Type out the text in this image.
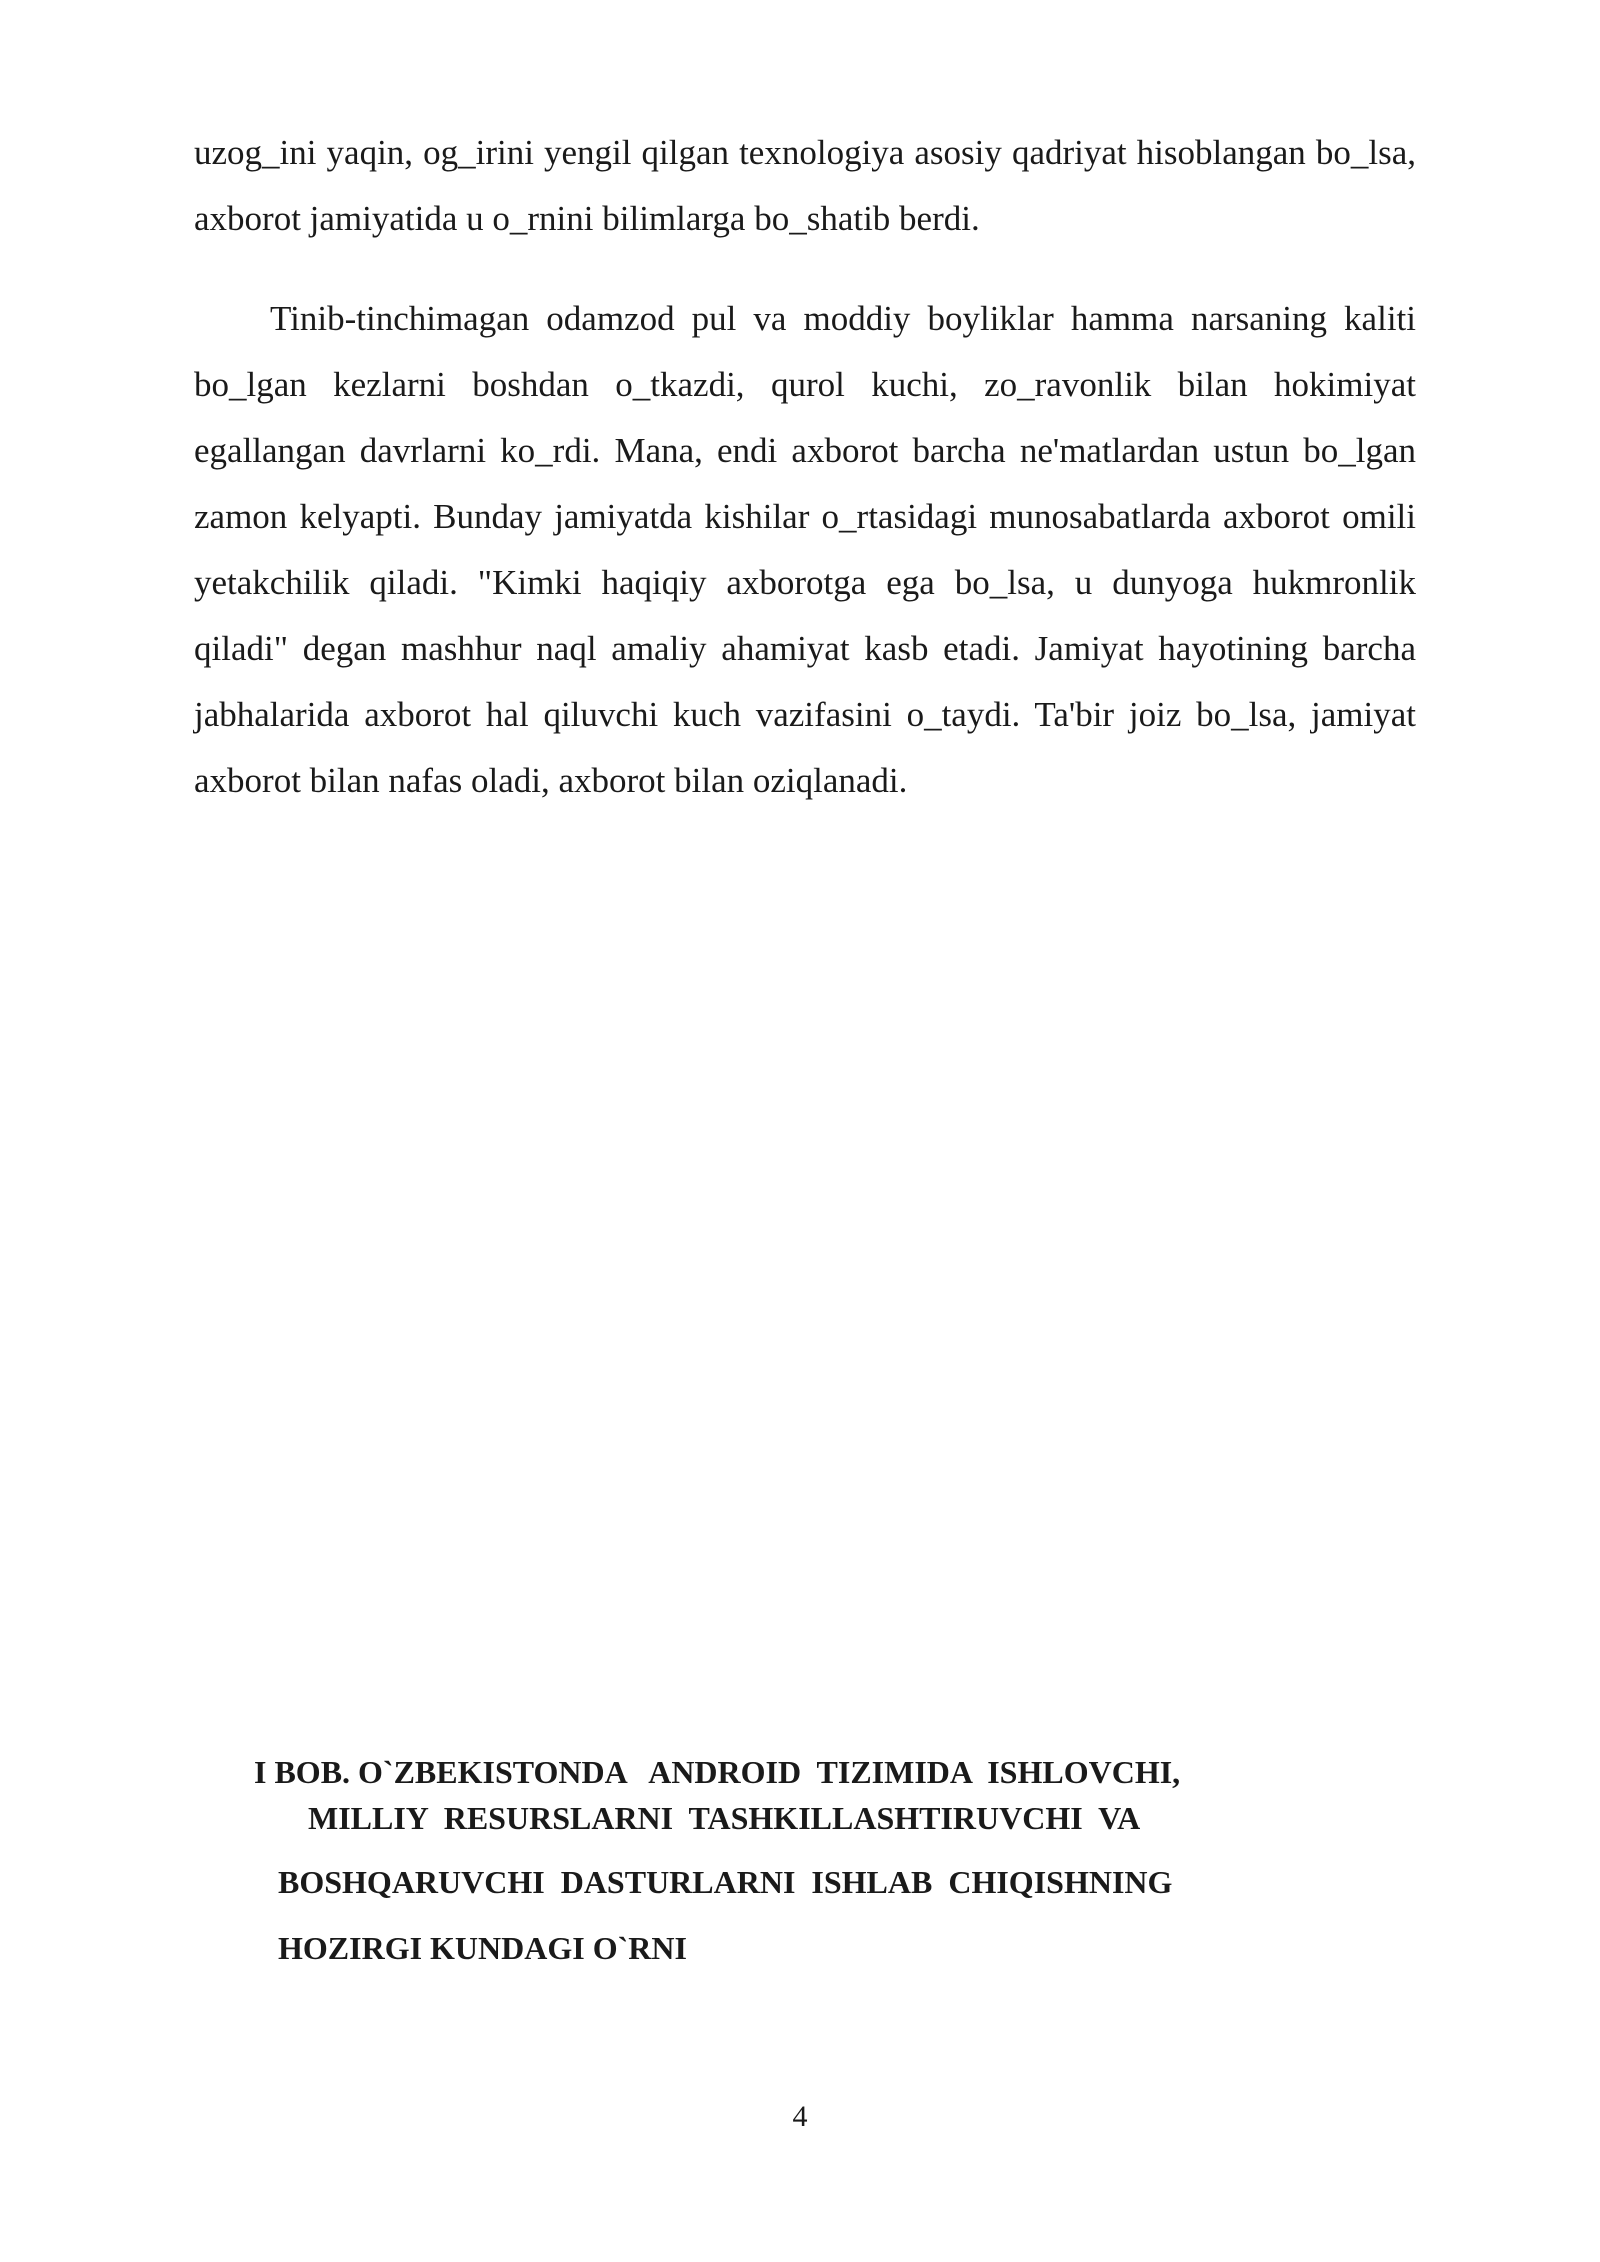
uzog_ini yaqin, og_irini yengil qilgan texnologiya asosiy qadriyat hisoblangan bo_lsa, axborot jamiyatida u o_rnini bilimlarga bo_shatib berdi.

Tinib-tinchimagan odamzod pul va moddiy boyliklar hamma narsaning kaliti bo_lgan kezlarni boshdan o_tkazdi, qurol kuchi, zo_ravonlik bilan hokimiyat egallangan davrlarni ko_rdi. Mana, endi axborot barcha ne'matlardan ustun bo_lgan zamon kelyapti. Bunday jamiyatda kishilar o_rtasidagi munosabatlarda axborot omili yetakchilik qiladi. "Kimki haqiqiy axborotga ega bo_lsa, u dunyoga hukmronlik qiladi" degan mashhur naql amaliy ahamiyat kasb etadi. Jamiyat hayotining barcha jabhalarida axborot hal qiluvchi kuch vazifasini o_taydi. Ta'bir joiz bo_lsa, jamiyat axborot bilan nafas oladi, axborot bilan oziqlanadi.

I BOB. O`ZBEKISTONDA   ANDROID  TIZIMIDA  ISHLOVCHI,
MILLIY  RESURSLARNI  TASHKILLASHTIRUVCHI  VA
BOSHQARUVCHI  DASTURLARNI  ISHLAB  CHIQISHNING
HOZIRGI KUNDAGI O`RNI
4
